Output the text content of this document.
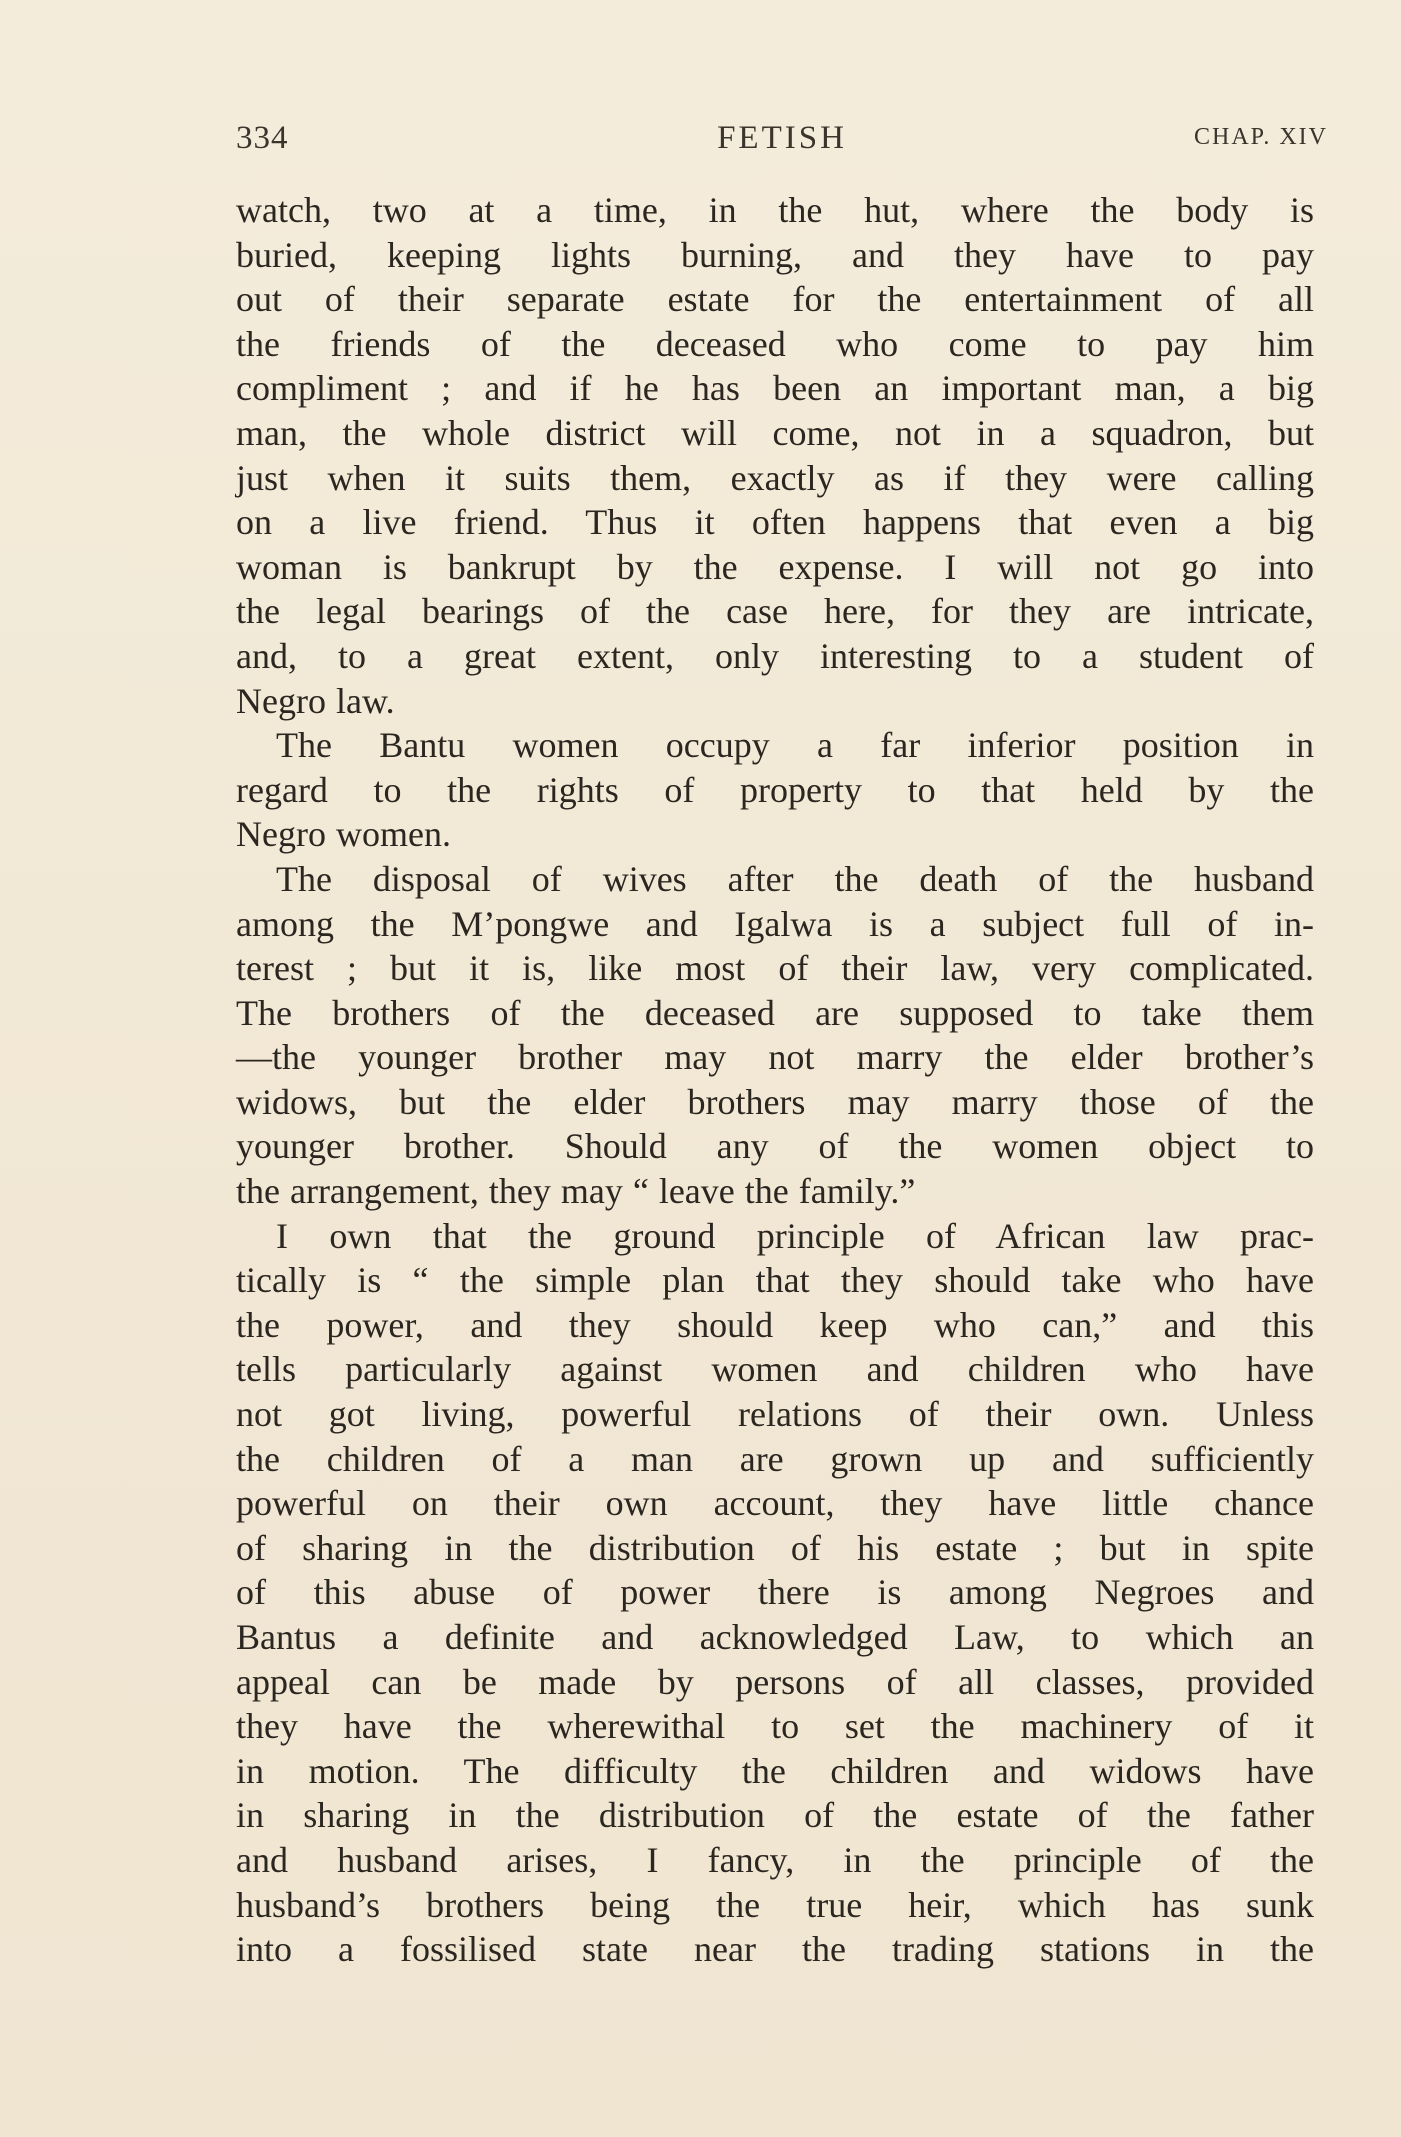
334	FETISH	CHAP. XIV
watch, two at a time, in the hut, where the body is
buried, keeping lights burning, and they have to pay
out of their separate estate for the entertainment of all
the friends of the deceased who come to pay him
compliment ; and if he has been an important man, a big
man, the whole district will come, not in a squadron, but
just when it suits them, exactly as if they were calling
on a live friend. Thus it often happens that even a big
woman is bankrupt by the expense. I will not go into
the legal bearings of the case here, for they are intricate,
and, to a great extent, only interesting to a student of
Negro law.
The Bantu women occupy a far inferior position in
regard to the rights of property to that held by the
Negro women.
The disposal of wives after the death of the husband
among the M’pongwe and Igalwa is a subject full of in-
terest ; but it is, like most of their law, very complicated.
The brothers of the deceased are supposed to take them
—the younger brother may not marry the elder brother’s
widows, but the elder brothers may marry those of the
younger brother. Should any of the women object to
the arrangement, they may “ leave the family.”
I own that the ground principle of African law prac-
tically is “ the simple plan that they should take who have
the power, and they should keep who can,” and this
tells particularly against women and children who have
not got living, powerful relations of their own. Unless
the children of a man are grown up and sufficiently
powerful on their own account, they have little chance
of sharing in the distribution of his estate ; but in spite
of this abuse of power there is among Negroes and
Bantus a definite and acknowledged Law, to which an
appeal can be made by persons of all classes, provided
they have the wherewithal to set the machinery of it
in motion. The difficulty the children and widows have
in sharing in the distribution of the estate of the father
and husband arises, I fancy, in the principle of the
husband’s brothers being the true heir, which has sunk
into a fossilised state near the trading stations in the
